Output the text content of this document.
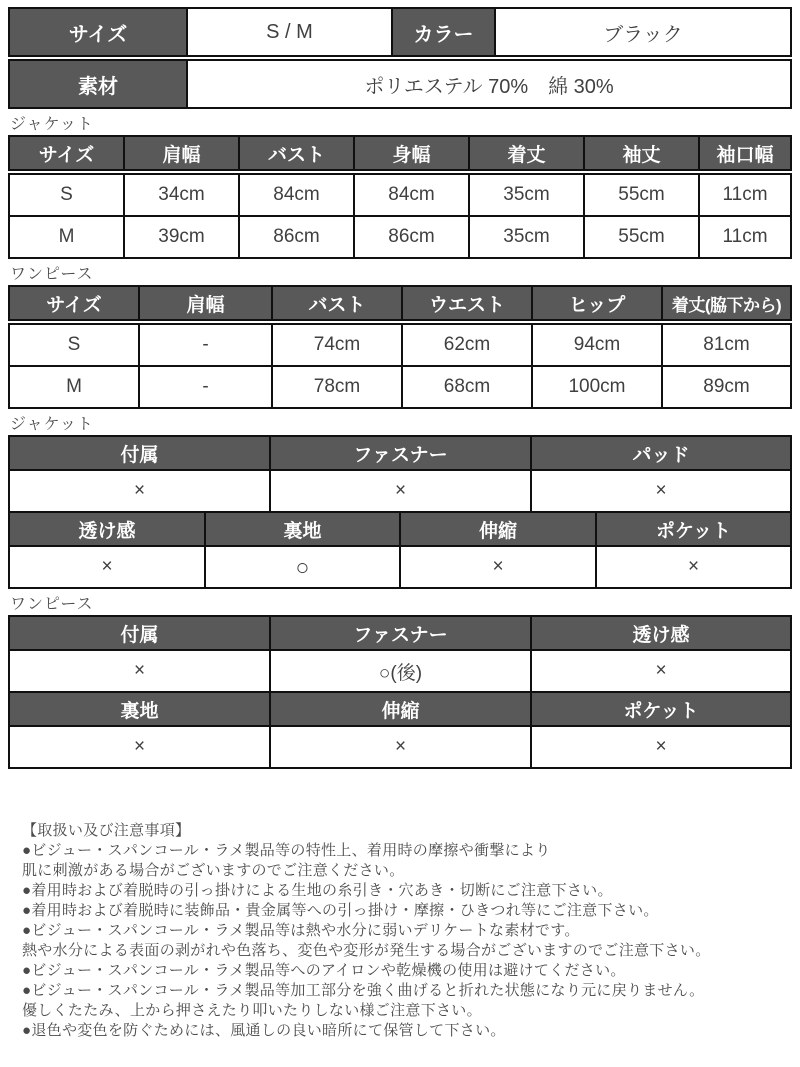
サイズ	S / M	カラー	ブラック
素材	ポリエステル 70%　綿 30%		
ジャケット
サイズ	肩幅	バスト	身幅	着丈	袖丈	袖口幅
S	34cm	84cm	84cm	35cm	55cm	11cm
M	39cm	86cm	86cm	35cm	55cm	11cm
ワンピース
サイズ	肩幅	バスト	ウエスト	ヒップ	着丈(脇下から)
S	-	74cm	62cm	94cm	81cm
M	-	78cm	68cm	100cm	89cm
ジャケット
付属	ファスナー	パッド
×	×	×
透け感	裏地	伸縮	ポケット
×	○	×	×
ワンピース
付属	ファスナー	透け感
×	○(後)	×
裏地	伸縮	ポケット
×	×	×
【取扱い及び注意事項】
●ビジュー・スパンコール・ラメ製品等の特性上、着用時の摩擦や衝撃により
肌に刺激がある場合がございますのでご注意ください。
●着用時および着脱時の引っ掛けによる生地の糸引き・穴あき・切断にご注意下さい。
●着用時および着脱時に装飾品・貴金属等への引っ掛け・摩擦・ひきつれ等にご注意下さい。
●ビジュー・スパンコール・ラメ製品等は熱や水分に弱いデリケートな素材です。
熱や水分による表面の剥がれや色落ち、変色や変形が発生する場合がございますのでご注意下さい。
●ビジュー・スパンコール・ラメ製品等へのアイロンや乾燥機の使用は避けてください。
●ビジュー・スパンコール・ラメ製品等加工部分を強く曲げると折れた状態になり元に戻りません。
優しくたたみ、上から押さえたり叩いたりしない様ご注意下さい。
●退色や変色を防ぐためには、風通しの良い暗所にて保管して下さい。
